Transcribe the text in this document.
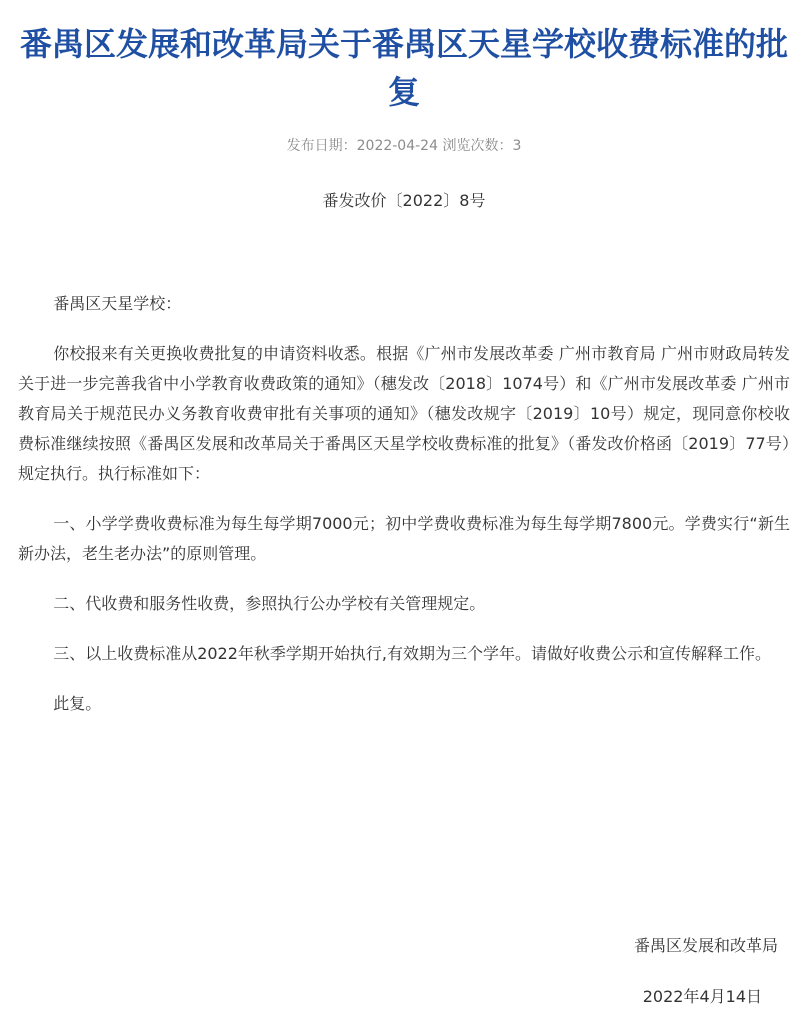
番禺区发展和改革局关于番禺区天星学校收费标准的批复
发布日期：2022-04-24 浏览次数：3
番发改价〔2022〕8号

番禺区天星学校：

你校报来有关更换收费批复的申请资料收悉。根据《广州市发展改革委 广州市教育局 广州市财政局转发关于进一步完善我省中小学教育收费政策的通知》（穗发改〔2018〕1074号）和《广州市发展改革委 广州市教育局关于规范民办义务教育收费审批有关事项的通知》（穗发改规字〔2019〕10号）规定，现同意你校收费标准继续按照《番禺区发展和改革局关于番禺区天星学校收费标准的批复》（番发改价格函〔2019〕77号）规定执行。执行标准如下：

一、小学学费收费标准为每生每学期7000元；初中学费收费标准为每生每学期7800元。学费实行“新生新办法，老生老办法”的原则管理。

二、代收费和服务性收费，参照执行公办学校有关管理规定。

三、以上收费标准从2022年秋季学期开始执行,有效期为三个学年。请做好收费公示和宣传解释工作。

此复。

番禺区发展和改革局
2022年4月14日
